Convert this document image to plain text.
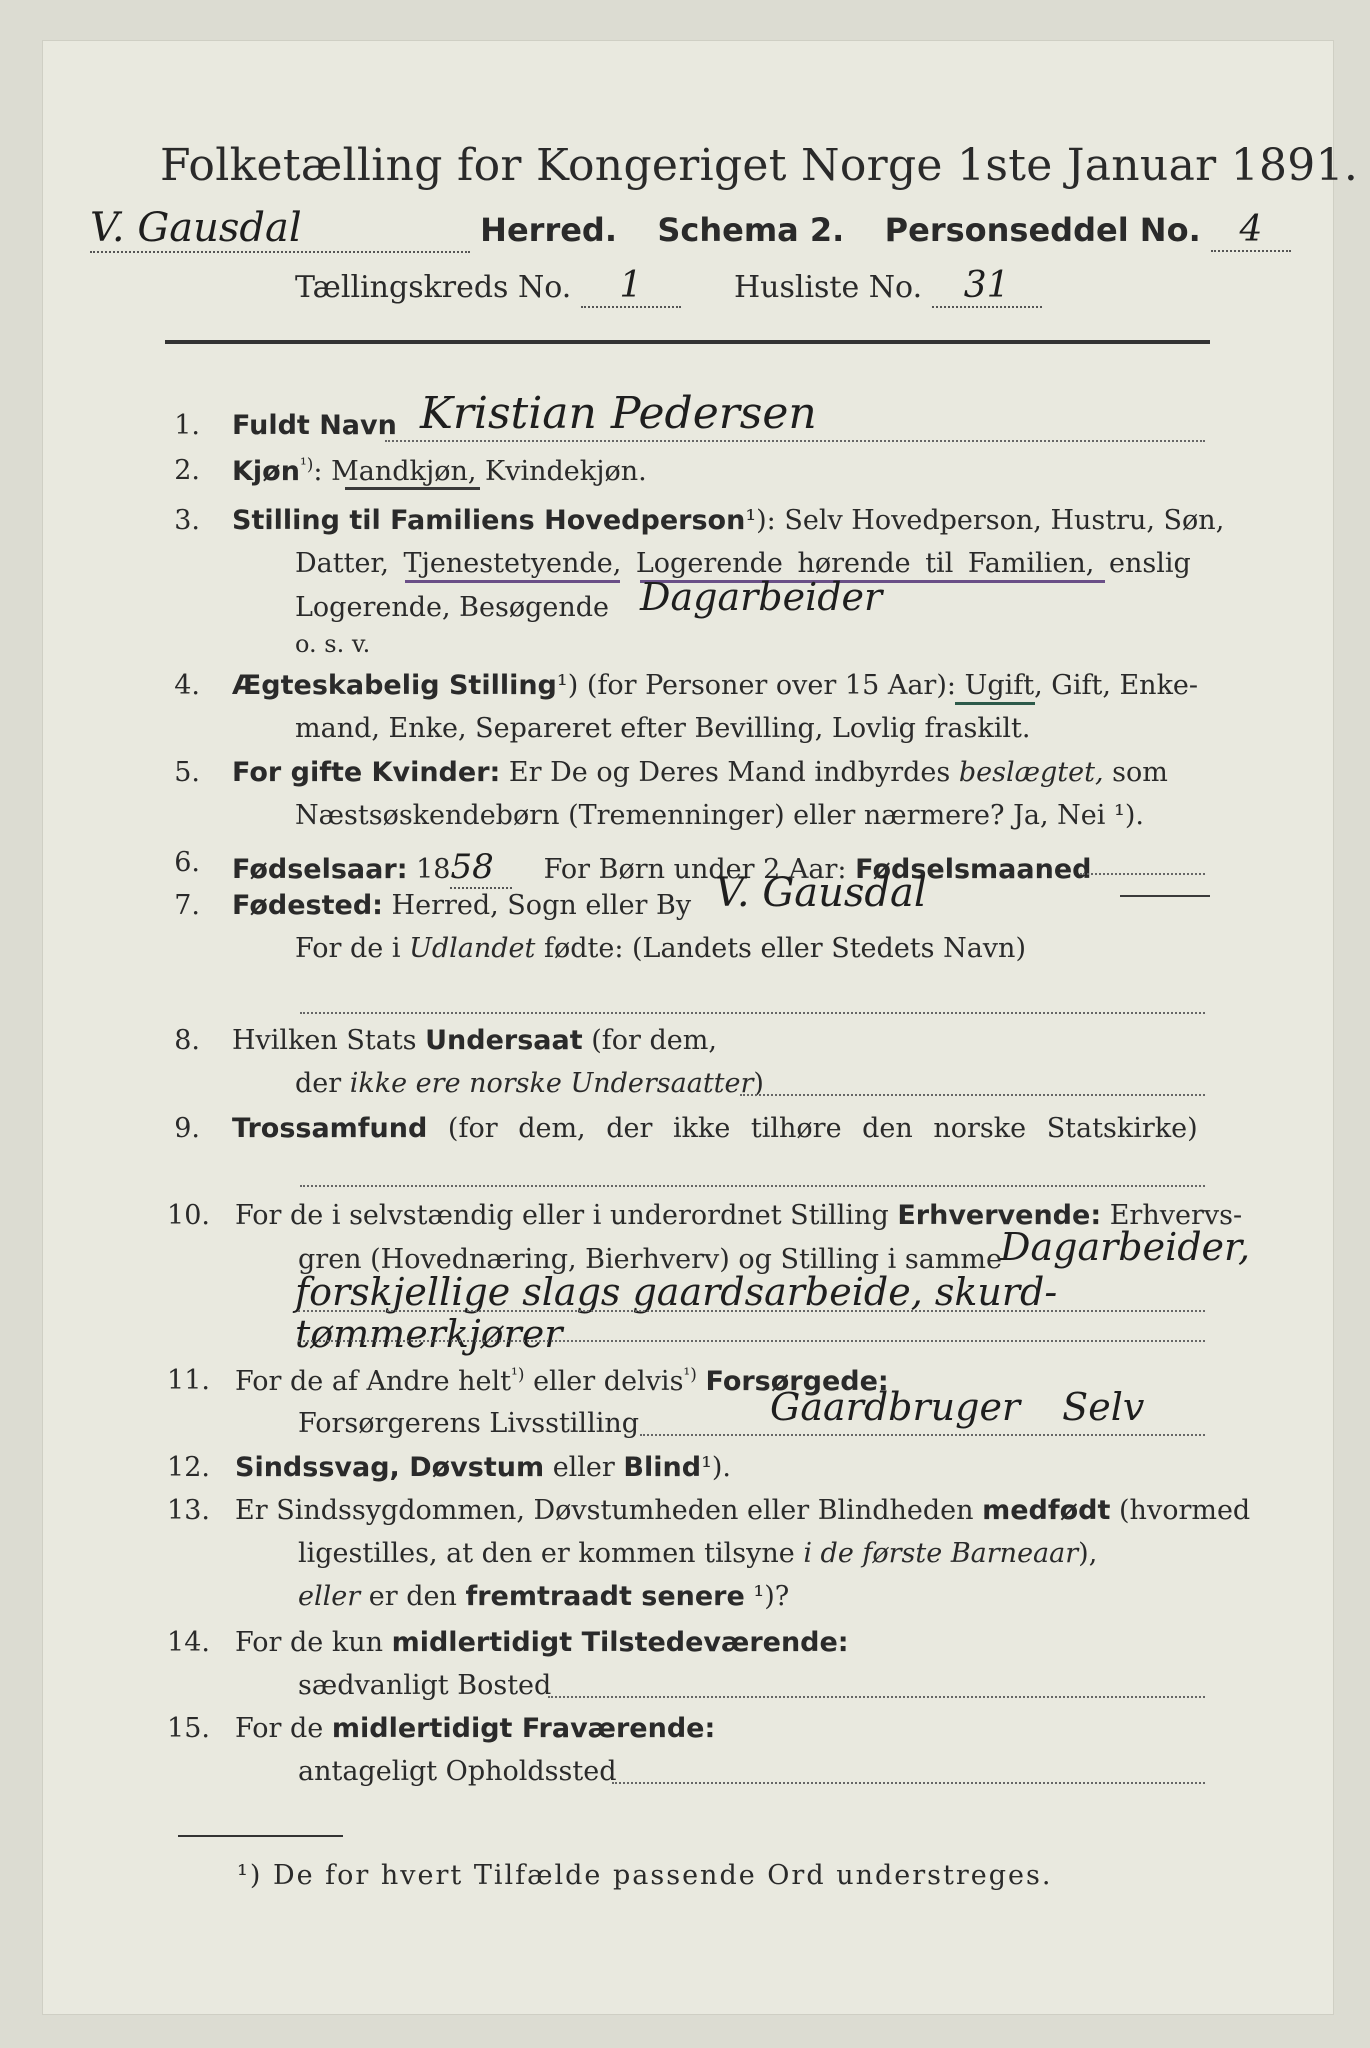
Folketælling for Kongeriget Norge 1ste Januar 1891.
V. Gausdal	Herred. Schema 2. Personseddel No. 4
Tællingskreds No. 1	Husliste No. 31
1. Fuldt Navn Kristian Pedersen
2. Kjøn$^{^1)}$: Mandkjøn, Kvindekjøn.
3. Stilling til Familiens Hovedperson¹): Selv Hovedperson, Hustru, Søn,
Datter, Tjenestetyende, Logerende hørende til Familien, enslig
Logerende, Besøgende Dagarbeider
o. s. v.
4. Ægteskabelig Stilling¹) (for Personer over 15 Aar): Ugift, Gift, Enke-
mand, Enke, Separeret efter Bevilling, Lovlig fraskilt.
5. For gifte Kvinder: Er De og Deres Mand indbyrdes beslægtet, som
Næstsøskendebørn (Tremenninger) eller nærmere? Ja, Nei ¹).
6. Fødselsaar: 1858 For Børn under 2 Aar: Fødselsmaaned
7. Fødested: Herred, Sogn eller By V. Gausdal
For de i Udlandet fødte: (Landets eller Stedets Navn)
8. Hvilken Stats Undersaat (for dem,
der ikke ere norske Undersaatter)
9. Trossamfund (for dem, der ikke tilhøre den norske Statskirke)
10. For de i selvstændig eller i underordnet Stilling Erhvervende: Erhvervs-
gren (Hovednæring, Bierhverv) og Stilling i samme
Dagarbeider,
forskjellige slags gaardsarbeide, skurd-
tømmerkjører
11. For de af Andre helt$^{^1)}$ eller delvis$^{^1)}$ Forsørgede:
Forsørgerens Livsstilling	Gaardbruger Selv
12. Sindssvag, Døvstum eller Blind¹).
13. Er Sindssygdommen, Døvstumheden eller Blindheden medfødt (hvormed
ligestilles, at den er kommen tilsyne i de første Barneaar),
eller er den fremtraadt senere ¹)?
14. For de kun midlertidigt Tilstedeværende:
sædvanligt Bosted
15. For de midlertidigt Fraværende:
antageligt Opholdssted
¹) De for hvert Tilfælde passende Ord understreges.
